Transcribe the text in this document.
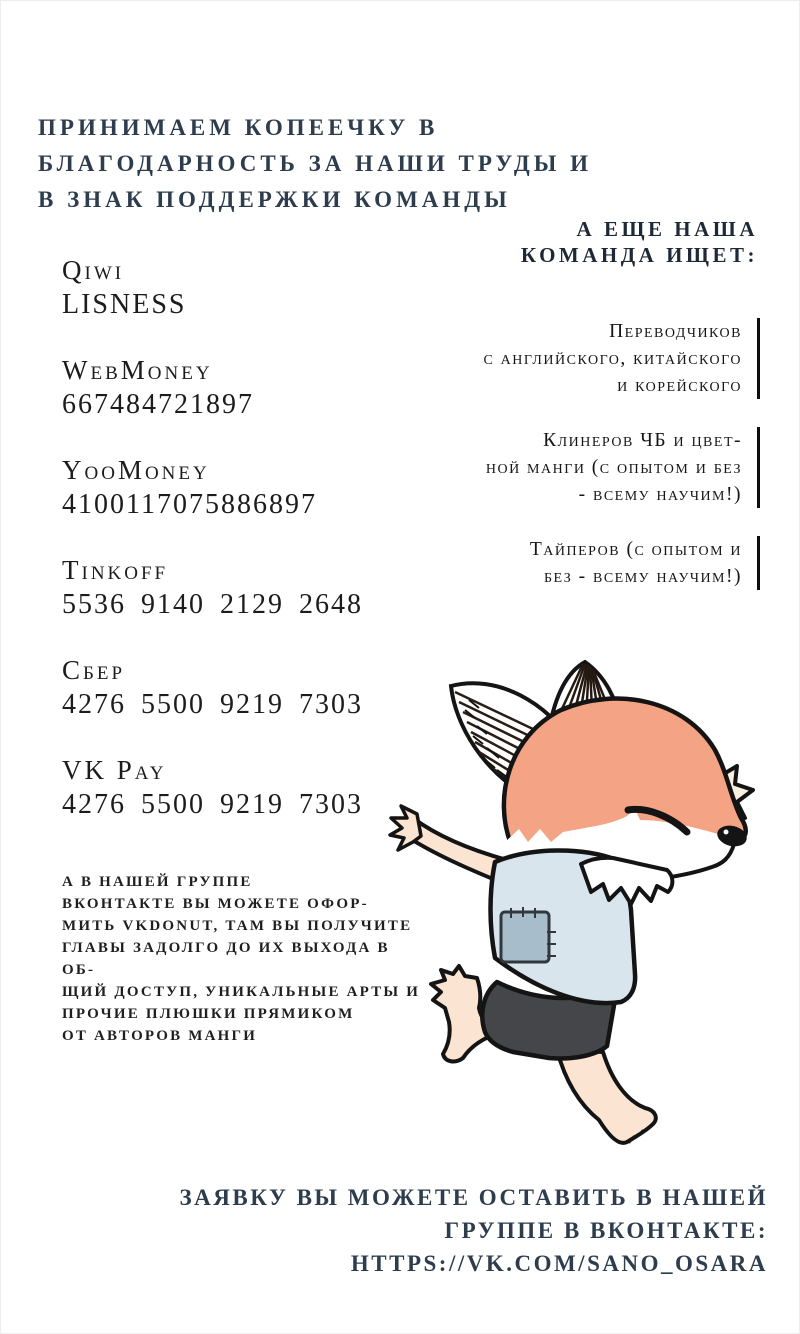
ПРИНИМАЕМ КОПЕЕЧКУ В
БЛАГОДАРНОСТЬ ЗА НАШИ ТРУДЫ И
В ЗНАК ПОДДЕРЖКИ КОМАНДЫ
А ЕЩЕ НАША
КОМАНДА ИЩЕТ:
Qiwi
LISNESS
WebMoney
667484721897
YooMoney
4100117075886897
Tinkoff
5536 9140 2129 2648
Сбер
4276 5500 9219 7303
VK Pay
4276 5500 9219 7303
Переводчиков
с английского, китайского
и корейского
Клинеров ЧБ и цвет-
ной манги (с опытом и без
- всему научим!)
Тайперов (с опытом и
без - всему научим!)
А В НАШЕЙ ГРУППЕ
ВКОНТАКТЕ ВЫ МОЖЕТЕ ОФОР-
МИТЬ VKDONUT, ТАМ ВЫ ПОЛУЧИТЕ
ГЛАВЫ ЗАДОЛГО ДО ИХ ВЫХОДА В ОБ-
ЩИЙ ДОСТУП, УНИКАЛЬНЫЕ АРТЫ И
ПРОЧИЕ ПЛЮШКИ ПРЯМИКОМ
ОТ АВТОРОВ МАНГИ
ЗАЯВКУ ВЫ МОЖЕТЕ ОСТАВИТЬ В НАШЕЙ
ГРУППЕ В ВКОНТАКТЕ: HTTPS://VK.COM/SANO_OSARA
